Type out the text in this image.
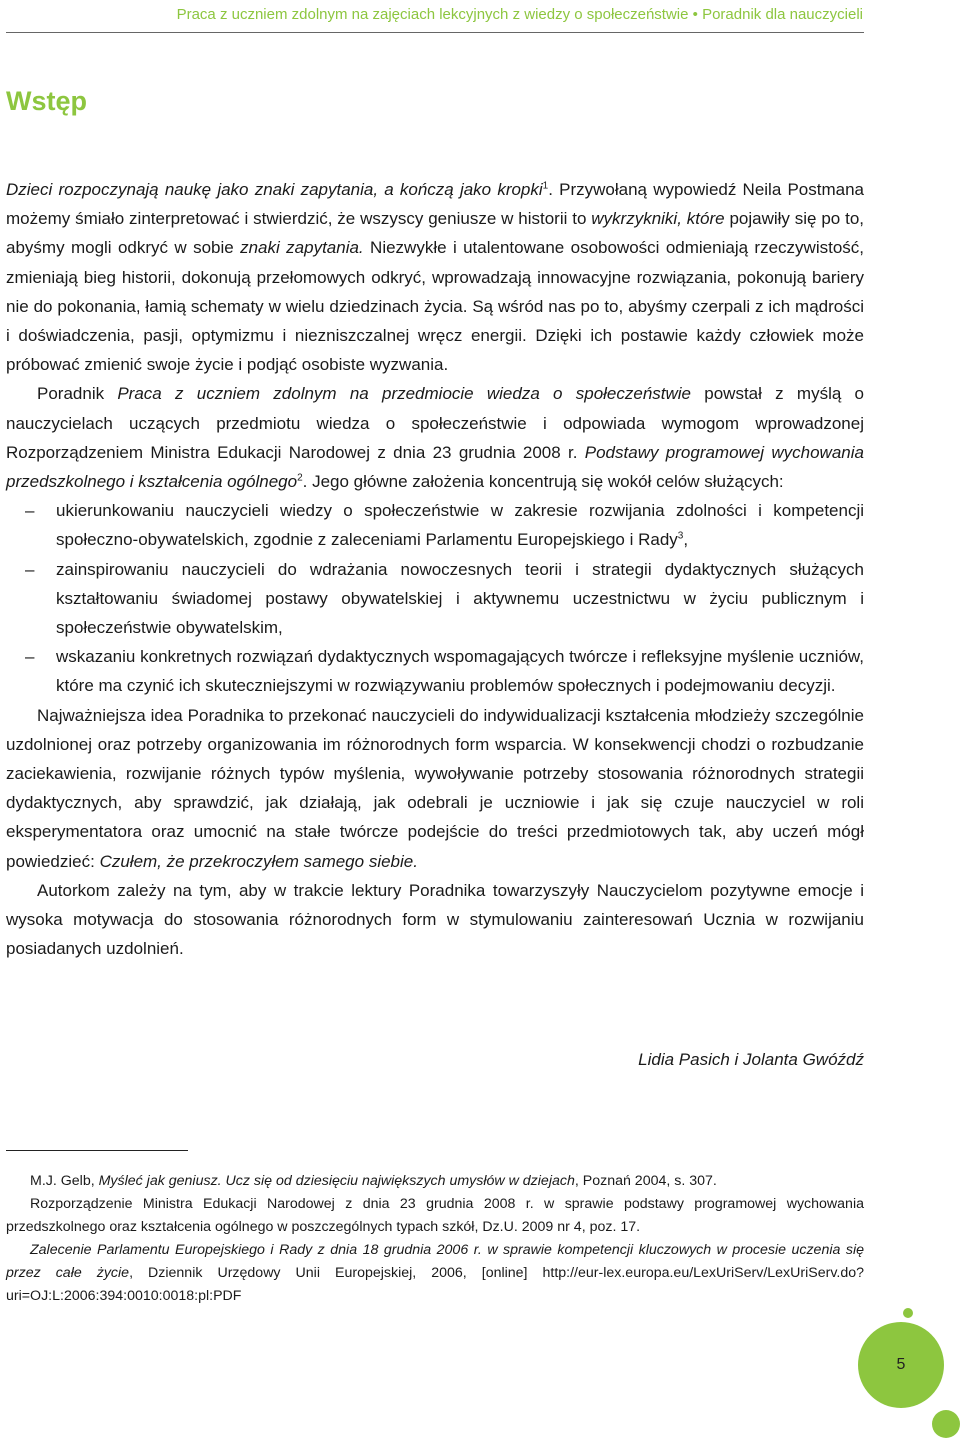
Praca z uczniem zdolnym na zajęciach lekcyjnych z wiedzy o społeczeństwie • Poradnik dla nauczycieli
Wstęp

Dzieci rozpoczynają naukę jako znaki zapytania, a kończą jako kropki$^1$. Przywołaną wypowiedź Neila Postmana możemy śmiało zinterpretować i stwierdzić, że wszyscy geniusze w historii to wykrzykniki, które pojawiły się po to, abyśmy mogli odkryć w sobie znaki zapytania. Niezwykłe i utalentowane osobowości odmieniają rzeczywistość, zmieniają bieg historii, dokonują przełomowych odkryć, wprowadzają innowacyjne rozwiązania, pokonują bariery nie do pokonania, łamią schematy w wielu dziedzinach życia. Są wśród nas po to, abyśmy czerpali z ich mądrości i doświadczenia, pasji, optymizmu i niezniszczalnej wręcz energii. Dzięki ich postawie każdy człowiek może próbować zmienić swoje życie i podjąć osobiste wyzwania.

Poradnik Praca z uczniem zdolnym na przedmiocie wiedza o społeczeństwie powstał z myślą o nauczycielach uczących przedmiotu wiedza o społeczeństwie i odpowiada wymogom wprowadzonej Rozporządzeniem Ministra Edukacji Narodowej z dnia 23 grudnia 2008 r. Podstawy programowej wychowania przedszkolnego i kształcenia ogólnego$^2$. Jego główne założenia koncentrują się wokół celów służących:

– ukierunkowaniu nauczycieli wiedzy o społeczeństwie w zakresie rozwijania zdolności i kompetencji społeczno-obywatelskich, zgodnie z zaleceniami Parlamentu Europejskiego i Rady$^3$,
– zainspirowaniu nauczycieli do wdrażania nowoczesnych teorii i strategii dydaktycznych służących kształtowaniu świadomej postawy obywatelskiej i aktywnemu uczestnictwu w życiu publicznym i społeczeństwie obywatelskim,
– wskazaniu konkretnych rozwiązań dydaktycznych wspomagających twórcze i refleksyjne myślenie uczniów, które ma czynić ich skuteczniejszymi w rozwiązywaniu problemów społecznych i podejmowaniu decyzji.

Najważniejsza idea Poradnika to przekonać nauczycieli do indywidualizacji kształcenia młodzieży szczególnie uzdolnionej oraz potrzeby organizowania im różnorodnych form wsparcia. W konsekwencji chodzi o rozbudzanie zaciekawienia, rozwijanie różnych typów myślenia, wywoływanie potrzeby stosowania różnorodnych strategii dydaktycznych, aby sprawdzić, jak działają, jak odebrali je uczniowie i jak się czuje nauczyciel w roli eksperymentatora oraz umocnić na stałe twórcze podejście do treści przedmiotowych tak, aby uczeń mógł powiedzieć: Czułem, że przekroczyłem samego siebie.

Autorkom zależy na tym, aby w trakcie lektury Poradnika towarzyszyły Nauczycielom pozytywne emocje i wysoka motywacja do stosowania różnorodnych form w stymulowaniu zainteresowań Ucznia w rozwijaniu posiadanych uzdolnień.

Lidia Pasich i Jolanta Gwóźdź

M.J. Gelb, Myśleć jak geniusz. Ucz się od dziesięciu największych umysłów w dziejach, Poznań 2004, s. 307.

Rozporządzenie Ministra Edukacji Narodowej z dnia 23 grudnia 2008 r. w sprawie podstawy programowej wychowania przedszkolnego oraz kształcenia ogólnego w poszczególnych typach szkół, Dz.U. 2009 nr 4, poz. 17.

Zalecenie Parlamentu Europejskiego i Rady z dnia 18 grudnia 2006 r. w sprawie kompetencji kluczowych w procesie uczenia się przez całe życie, Dziennik Urzędowy Unii Europejskiej, 2006, [online] http://eur-lex.europa.eu/LexUriServ/LexUriServ.do?uri=OJ:L:2006:394:0010:0018:pl:PDF

5
